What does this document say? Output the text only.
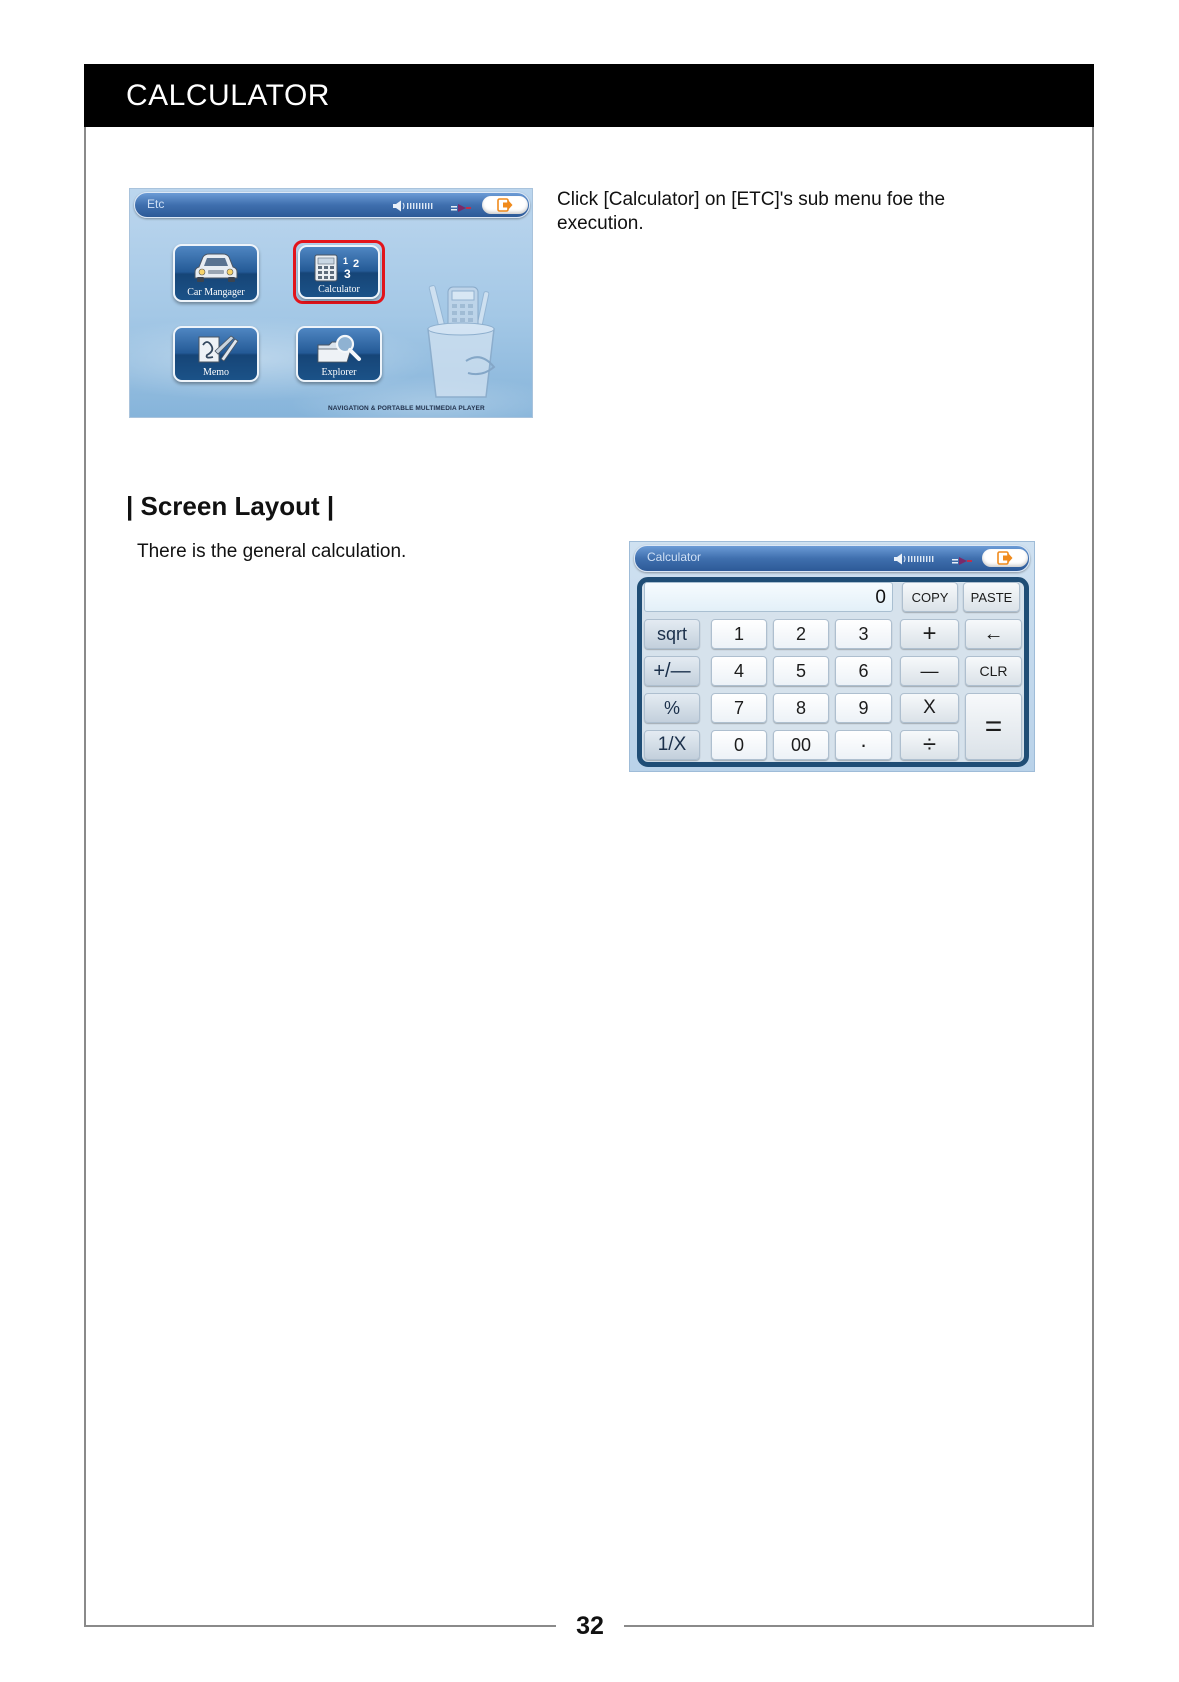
CALCULATOR
32
Etc
Car Mangager
1 2
3
Calculator
Memo	Explorer
NAVIGATION & PORTABLE MULTIMEDIA PLAYER
Click [Calculator] on [ETC]'s sub menu foe the execution.
| Screen Layout |
There is the general calculation.	Calculator
0	COPY	PASTE
sqrt	1	2	3	+	←
+/—	4	5	6	—	CLR
%	7	8	9	X
=
1/X	0	00	·	÷
